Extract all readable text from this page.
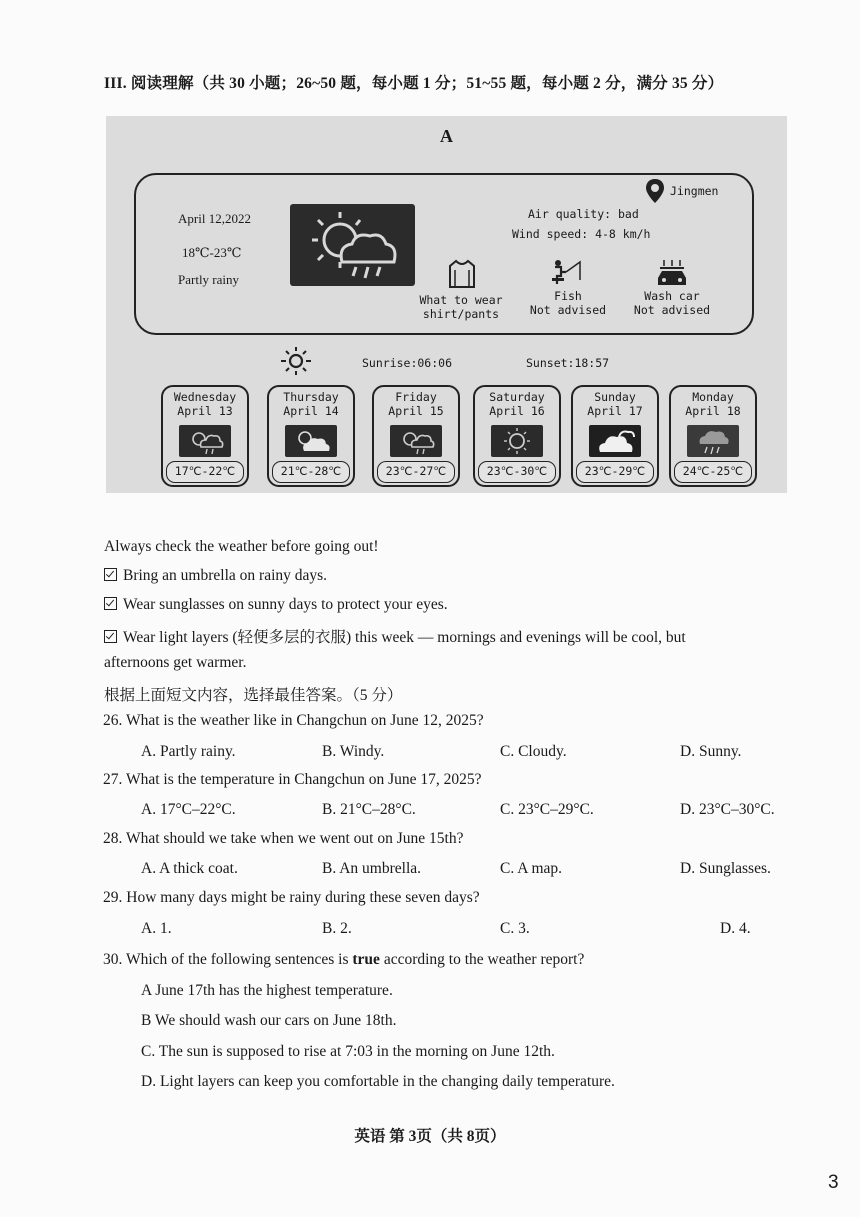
III. 阅读理解（共 30 小题；26~50 题，每小题 1 分；51~55 题，每小题 2 分，满分 35 分）
A
April 12,2022
18℃-23℃
Partly rainy
Jingmen
Air quality: bad
Wind speed: 4-8 km/h
What to wear
shirt/pants
Fish
Not advised
Wash car
Not advised
Sunrise:06:06	Sunset:18:57
Wednesday
April 13
17℃-22℃
Thursday
April 14
21℃-28℃
Friday
April 15
23℃-27℃
Saturday
April 16
23℃-30℃
Sunday
April 17
23℃-29℃
Monday
April 18
24℃-25℃
Always check the weather before going out!
Bring an umbrella on rainy days.
Wear sunglasses on sunny days to protect your eyes.
Wear light layers (轻便多层的衣服) this week — mornings and evenings will be cool, but
afternoons get warmer.
根据上面短文内容，选择最佳答案。（5 分）
26. What is the weather like in Changchun on June 12, 2025?
A. Partly rainy.	B. Windy.	C. Cloudy.	D. Sunny.
27. What is the temperature in Changchun on June 17, 2025?
A. 17°C–22°C.	B. 21°C–28°C.	C. 23°C–29°C.	D. 23°C–30°C.
28. What should we take when we went out on June 15th?
A. A thick coat.	B. An umbrella.	C. A map.	D. Sunglasses.
29. How many days might be rainy during these seven days?
A. 1.	B. 2.	C. 3.	D. 4.
30. Which of the following sentences is true according to the weather report?
A June 17th has the highest temperature.
B We should wash our cars on June 18th.
C. The sun is supposed to rise at 7:03 in the morning on June 12th.
D. Light layers can keep you comfortable in the changing daily temperature.
英语 第 3页（共 8页）
3
